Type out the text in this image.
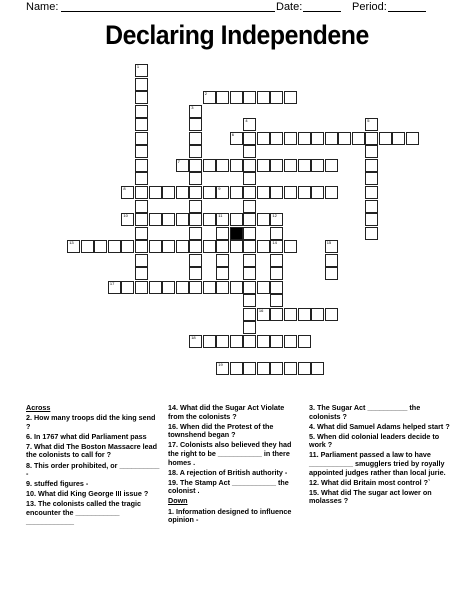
Name:	Date:	Period:
Declaring Independene
2
6
7
8	9
10	11
13	14
17
16
18
19
1
3
4	5
12
15
Across
2. How many troops did the king send ?
6. In 1767 what did Parliament pass
7. What did The Boston Massacre lead the colonists to call for ?
8. This order prohibited, or __________ -
9. stuffed figures -
10. What did King George III issue ?
13. The colonists called the tragic encounter the ___________ ____________
14. What did the Sugar Act Violate from the colonists ?
16. When did the Protest of the townshend began ?
17. Colonists also believed they had the right to be ___________ in there homes .
18. A rejection of British authority -
19. The Stamp Act ___________ the colonist .
Down
1. Information designed to influence opinion -
3. The Sugar Act __________ the colonists ?
4. What did Samuel Adams helped start ?
5. When did colonial leaders decide to work ?
11. Parliament passed a law to have ___________ smugglers tried by royally appointed judges rather than local jurie.
12. What did Britain most control ?`
15. What did The sugar act lower on molasses ?
